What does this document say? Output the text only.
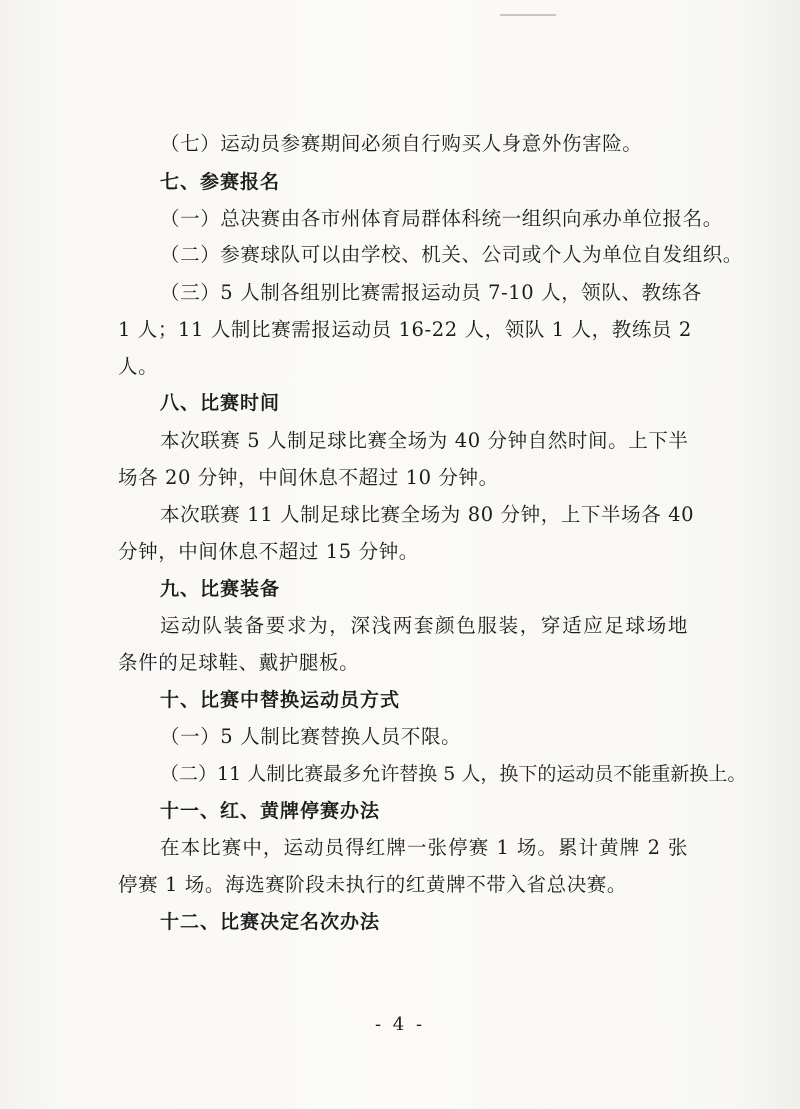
（七）运动员参赛期间必须自行购买人身意外伤害险。
七、参赛报名
（一）总决赛由各市州体育局群体科统一组织向承办单位报名。
（二）参赛球队可以由学校、机关、公司或个人为单位自发组织。
（三）5 人制各组别比赛需报运动员 7-10 人，领队、教练各
1 人；11 人制比赛需报运动员 16-22 人，领队 1 人，教练员 2
人。
八、比赛时间
本次联赛 5 人制足球比赛全场为 40 分钟自然时间。上下半
场各 20 分钟，中间休息不超过 10 分钟。
本次联赛 11 人制足球比赛全场为 80 分钟，上下半场各 40
分钟，中间休息不超过 15 分钟。
九、比赛装备
运动队装备要求为，深浅两套颜色服装，穿适应足球场地
条件的足球鞋、戴护腿板。
十、比赛中替换运动员方式
（一）5 人制比赛替换人员不限。
（二）11 人制比赛最多允许替换 5 人，换下的运动员不能重新换上。
十一、红、黄牌停赛办法
在本比赛中，运动员得红牌一张停赛 1 场。累计黄牌 2 张
停赛 1 场。海选赛阶段未执行的红黄牌不带入省总决赛。
十二、比赛决定名次办法
- 4 -
